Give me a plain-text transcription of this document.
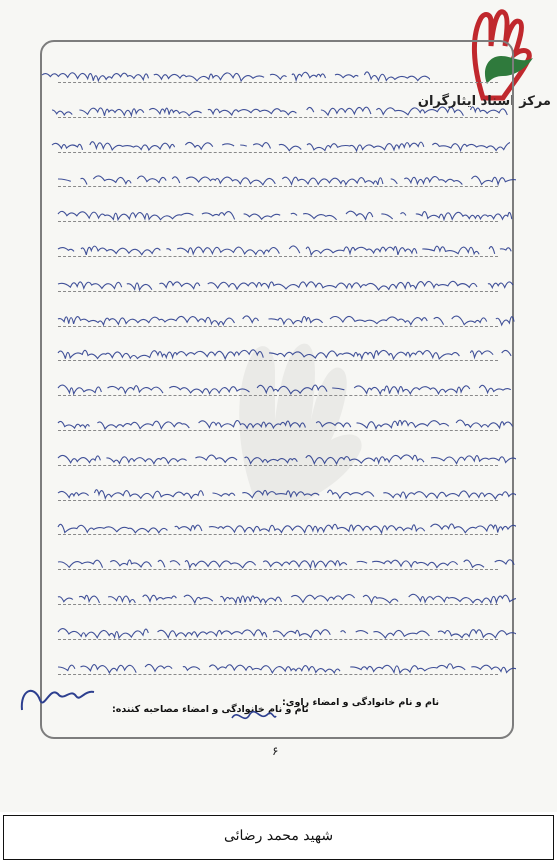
مرکز اسناد ایثارگران
نام و نام خانوادگی و امضاء راوی:
نام و نام خانوادگی و امضاء مصاحبه کننده:
۶
شهید محمد رضائی
